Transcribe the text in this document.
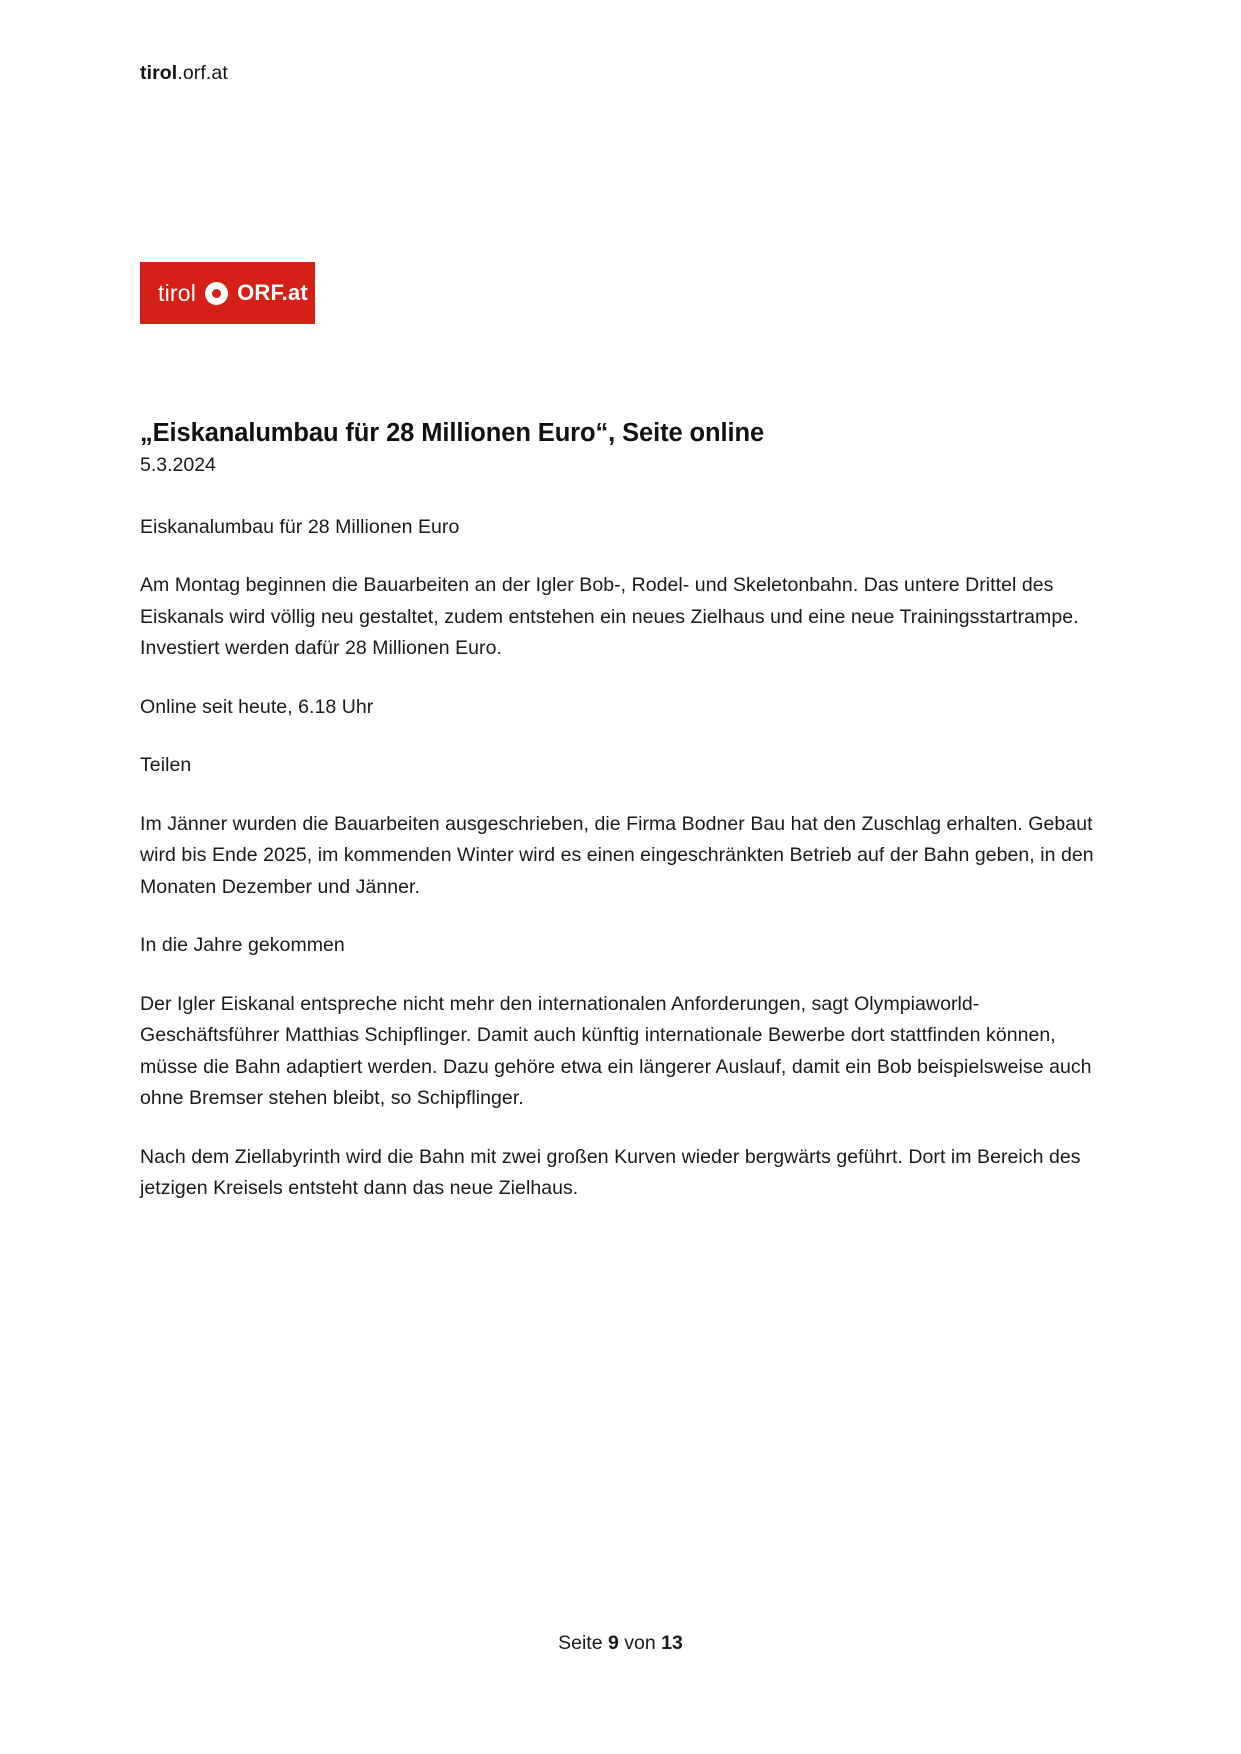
tirol.orf.at
tirol ORF.at
„Eiskanalumbau für 28 Millionen Euro“, Seite online
5.3.2024

Eiskanalumbau für 28 Millionen Euro

Am Montag beginnen die Bauarbeiten an der Igler Bob-, Rodel- und Skeletonbahn. Das untere Drittel des Eiskanals wird völlig neu gestaltet, zudem entstehen ein neues Zielhaus und eine neue Trainingsstartrampe. Investiert werden dafür 28 Millionen Euro.

Online seit heute, 6.18 Uhr

Teilen

Im Jänner wurden die Bauarbeiten ausgeschrieben, die Firma Bodner Bau hat den Zuschlag erhalten. Gebaut wird bis Ende 2025, im kommenden Winter wird es einen eingeschränkten Betrieb auf der Bahn geben, in den Monaten Dezember und Jänner.

In die Jahre gekommen

Der Igler Eiskanal entspreche nicht mehr den internationalen Anforderungen, sagt Olympiaworld-Geschäftsführer Matthias Schipflinger. Damit auch künftig internationale Bewerbe dort stattfinden können, müsse die Bahn adaptiert werden. Dazu gehöre etwa ein längerer Auslauf, damit ein Bob beispielsweise auch ohne Bremser stehen bleibt, so Schipflinger.

Nach dem Ziellabyrinth wird die Bahn mit zwei großen Kurven wieder bergwärts geführt. Dort im Bereich des jetzigen Kreisels entsteht dann das neue Zielhaus.

Seite 9 von 13
